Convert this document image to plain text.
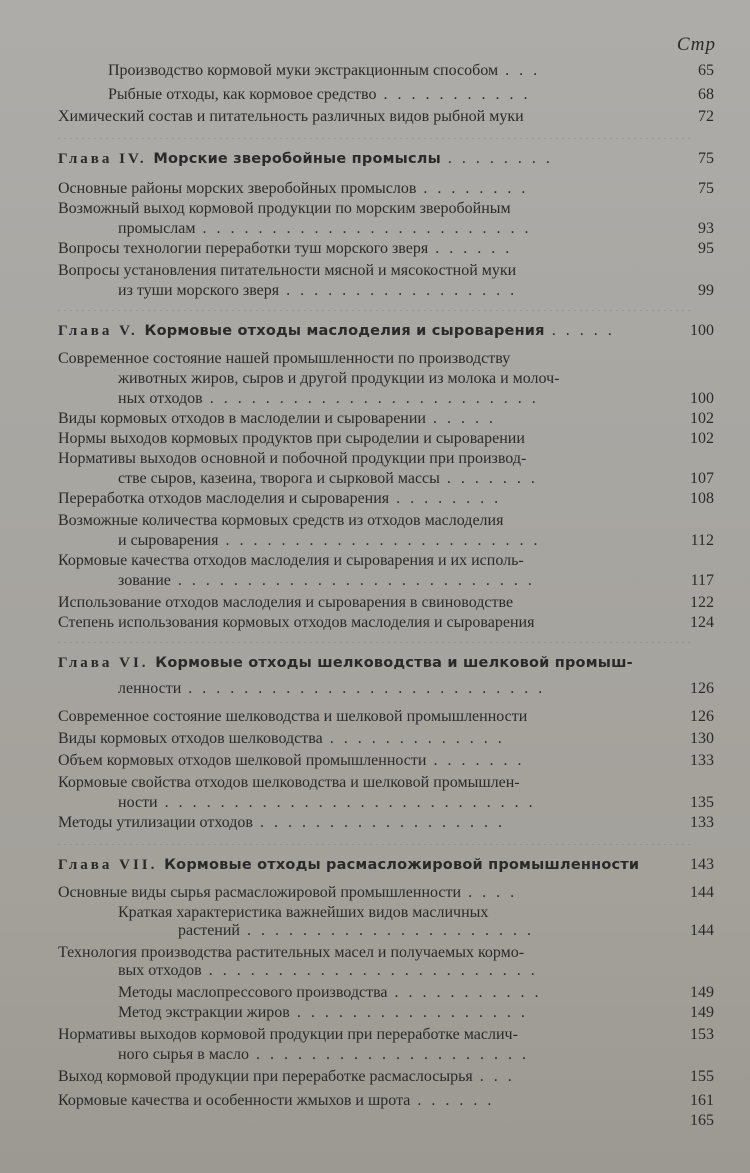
Стр
Производство кормовой муки экстракционным способом . . .	65
Рыбные отходы, как кормовое средство . . . . . . . . . . .	68
Химический состав и питательность различных видов рыбной муки	72
Глава IV. Морские зверобойные промыслы . . . . . . . .	75
Основные районы морских зверобойных промыслов . . . . . . . .	75
Возможный выход кормовой продукции по морским зверобойным
промыслам . . . . . . . . . . . . . . . . . . . . . . . .	93
Вопросы технологии переработки туш морского зверя . . . . . .	95
Вопросы установления питательности мясной и мясокостной муки
из туши морского зверя . . . . . . . . . . . . . . . . .	99
Глава V. Кормовые отходы маслоделия и сыроварения . . . . .	100
Современное состояние нашей промышленности по производству
животных жиров, сыров и другой продукции из молока и молоч-
ных отходов . . . . . . . . . . . . . . . . . . . . . . . .	100
Виды кормовых отходов в маслоделии и сыроварении . . . . .	102
Нормы выходов кормовых продуктов при сыроделии и сыроварении	102
Нормативы выходов основной и побочной продукции при производ-
стве сыров, казеина, творога и сырковой массы . . . . . . .	107
Переработка отходов маслоделия и сыроварения . . . . . . . .	108
Возможные количества кормовых средств из отходов маслоделия
и сыроварения . . . . . . . . . . . . . . . . . . . . . . .	112
Кормовые качества отходов маслоделия и сыроварения и их исполь-
зование . . . . . . . . . . . . . . . . . . . . . . . . . .	117
Использование отходов маслоделия и сыроварения в свиноводстве	122
Степень использования кормовых отходов маслоделия и сыроварения	124
Глава VI. Кормовые отходы шелководства и шелковой промыш-
ленности . . . . . . . . . . . . . . . . . . . . . . . . . .	126
Современное состояние шелководства и шелковой промышленности	126
Виды кормовых отходов шелководства . . . . . . . . . . . . .	130
Объем кормовых отходов шелковой промышленности . . . . . . .	133
Кормовые свойства отходов шелководства и шелковой промышлен-
ности . . . . . . . . . . . . . . . . . . . . . . . . . . .	135
Методы утилизации отходов . . . . . . . . . . . . . . . . . .	133
Глава VII. Кормовые отходы расмасложировой промышленности	143
Основные виды сырья расмасложировой промышленности . . . .	144
Краткая характеристика важнейших видов масличных
растений . . . . . . . . . . . . . . . . . . . . .	144
Технология производства растительных масел и получаемых кормо-
вых отходов . . . . . . . . . . . . . . . . . . . . . . . .
Методы маслопрессового производства . . . . . . . . . . .	149
Метод экстракции жиров . . . . . . . . . . . . . . . . .	149
Нормативы выходов кормовой продукции при переработке маслич-	153
ного сырья в масло . . . . . . . . . . . . . . . . . . . .
Выход кормовой продукции при переработке расмаслосырья . . .	155
Кормовые качества и особенности жмыхов и шрота . . . . . .	161
165
